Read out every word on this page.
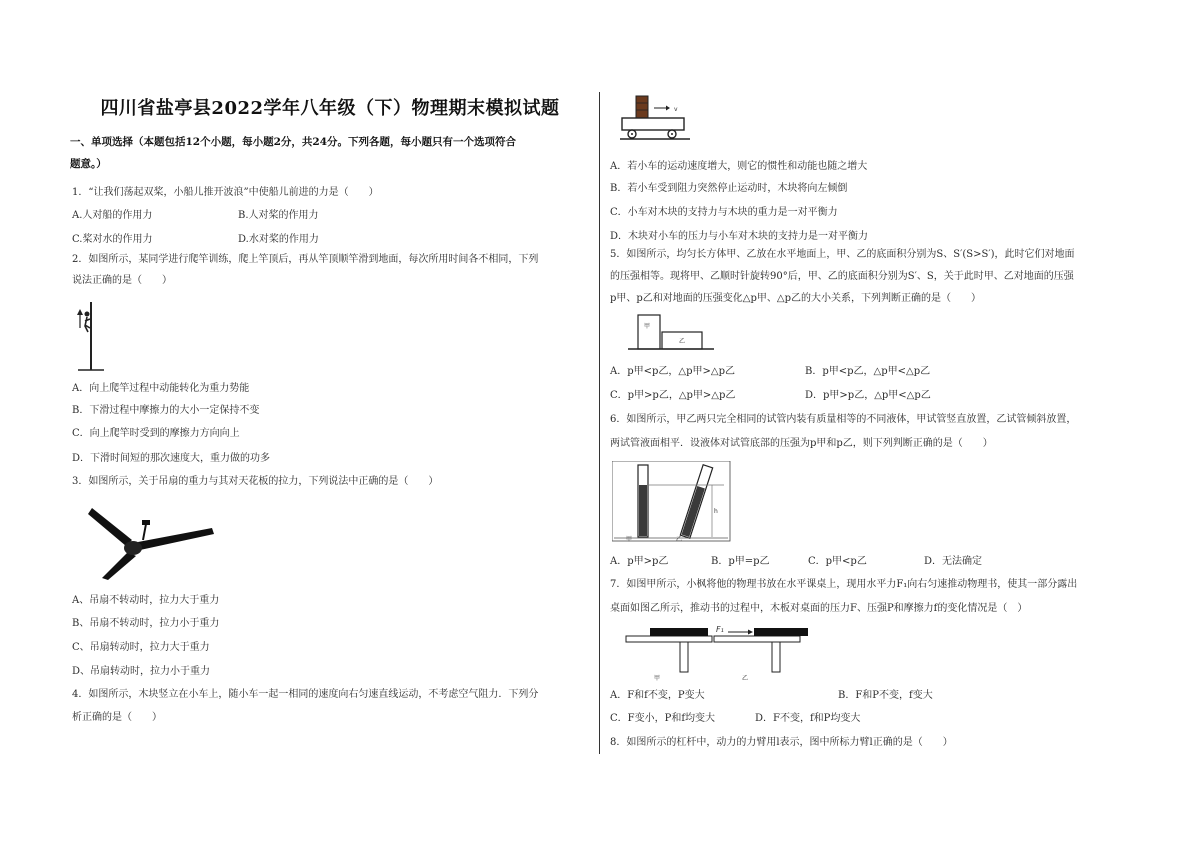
四川省盐亭县2022学年八年级（下）物理期末模拟试题
一、单项选择（本题包括12个小题，每小题2分，共24分。下列各题，每小题只有一个选项符合
题意。）
1．“让我们荡起双桨，小船儿推开波浪”中使船儿前进的力是（　　）
A.人对船的作用力	B.人对桨的作用力
C.桨对水的作用力	D.水对桨的作用力
2．如图所示，某同学进行爬竿训练，爬上竿顶后，再从竿顶顺竿滑到地面，每次所用时间各不相同，下列
说法正确的是（　　）
A．向上爬竿过程中动能转化为重力势能
B．下滑过程中摩擦力的大小一定保持不变
C．向上爬竿时受到的摩擦力方向向上
D．下滑时间短的那次速度大，重力做的功多
3．如图所示，关于吊扇的重力与其对天花板的拉力，下列说法中正确的是（　　）
A、吊扇不转动时，拉力大于重力
B、吊扇不转动时，拉力小于重力
C、吊扇转动时，拉力大于重力
D、吊扇转动时，拉力小于重力
4．如图所示，木块竖立在小车上，随小车一起一相同的速度向右匀速直线运动，不考虑空气阻力．下列分
析正确的是（　　）
v
A．若小车的运动速度增大，则它的惯性和动能也随之增大
B．若小车受到阻力突然停止运动时，木块将向左倾倒
C．小车对木块的支持力与木块的重力是一对平衡力
D．木块对小车的压力与小车对木块的支持力是一对平衡力
5．如图所示，均匀长方体甲、乙放在水平地面上，甲、乙的底面积分别为S、S′(S>S′)，此时它们对地面
的压强相等。现将甲、乙顺时针旋转90°后，甲、乙的底面积分别为S′、S，关于此时甲、乙对地面的压强
p甲、p乙和对地面的压强变化△p甲、△p乙的大小关系，下列判断正确的是（　　）
甲
乙
A．p甲<p乙，△p甲>△p乙	B．p甲<p乙，△p甲<△p乙
C．p甲>p乙，△p甲>△p乙	D．p甲>p乙，△p甲<△p乙
6．如图所示，甲乙两只完全相同的试管内装有质量相等的不同液体，甲试管竖直放置，乙试管倾斜放置，
两试管液面相平．设液体对试管底部的压强为p甲和p乙，则下列判断正确的是（　　）
h
甲	乙
A．p甲>p乙	B．p甲=p乙	C．p甲<p乙	D．无法确定
7．如图甲所示，小枫将他的物理书放在水平课桌上，现用水平力F₁向右匀速推动物理书，使其一部分露出
桌面如图乙所示，推动书的过程中，木板对桌面的压力F、压强P和摩擦力f的变化情况是（　）
甲
F₁
乙
A．F和f不变，P变大	B．F和P不变，f变大
C．F变小，P和f均变大	D．F不变，f和P均变大
8．如图所示的杠杆中，动力的力臂用l表示，图中所标力臂l正确的是（　　）
